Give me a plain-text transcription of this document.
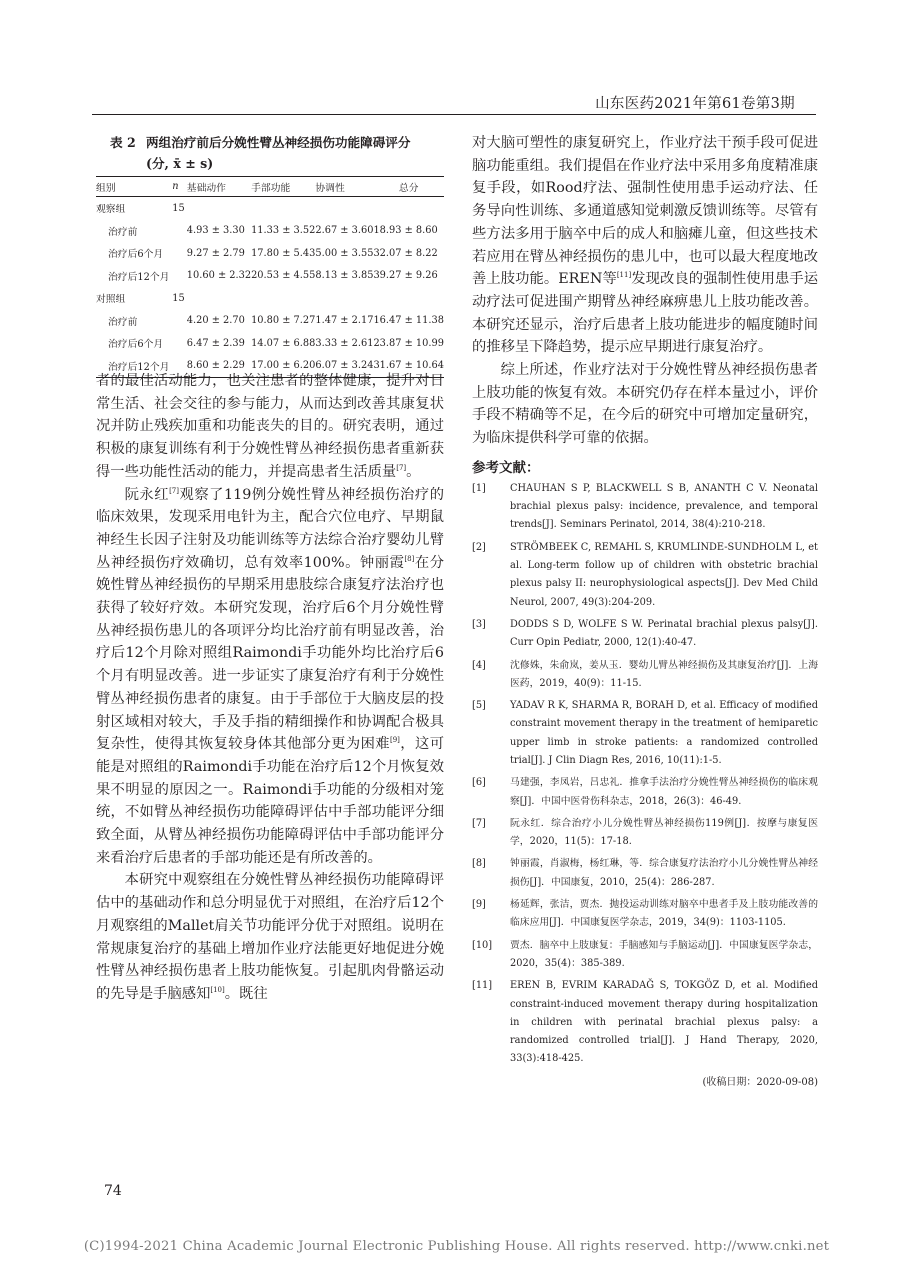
山东医药2021年第61卷第3期
表 2 两组治疗前后分娩性臂丛神经损伤功能障碍评分
(分, x̄ ± s)
组别	n	基础动作	手部功能	协调性	总分
观察组	15				
治疗前		4.93 ± 3.30	11.33 ± 3.52	2.67 ± 3.60	18.93 ± 8.60
治疗后6个月		9.27 ± 2.79	17.80 ± 5.43	5.00 ± 3.55	32.07 ± 8.22
治疗后12个月		10.60 ± 2.32	20.53 ± 4.55	8.13 ± 3.85	39.27 ± 9.26
对照组	15				
治疗前		4.20 ± 2.70	10.80 ± 7.27	1.47 ± 2.17	16.47 ± 11.38
治疗后6个月		6.47 ± 2.39	14.07 ± 6.88	3.33 ± 2.61	23.87 ± 10.99
治疗后12个月		8.60 ± 2.29	17.00 ± 6.20	6.07 ± 3.24	31.67 ± 10.64

者的最佳活动能力，也关注患者的整体健康，提升对日常生活、社会交往的参与能力，从而达到改善其康复状况并防止残疾加重和功能丧失的目的。研究表明，通过积极的康复训练有利于分娩性臂丛神经损伤患者重新获得一些功能性活动的能力，并提高患者生活质量[7]。

阮永红[7]观察了119例分娩性臂丛神经损伤治疗的临床效果，发现采用电针为主，配合穴位电疗、早期鼠神经生长因子注射及功能训练等方法综合治疗婴幼儿臂丛神经损伤疗效确切，总有效率100%。钟丽霞[8]在分娩性臂丛神经损伤的早期采用患肢综合康复疗法治疗也获得了较好疗效。本研究发现，治疗后6个月分娩性臂丛神经损伤患儿的各项评分均比治疗前有明显改善，治疗后12个月除对照组Raimondi手功能外均比治疗后6个月有明显改善。进一步证实了康复治疗有利于分娩性臂丛神经损伤患者的康复。由于手部位于大脑皮层的投射区域相对较大，手及手指的精细操作和协调配合极具复杂性，使得其恢复较身体其他部分更为困难[9]，这可能是对照组的Raimondi手功能在治疗后12个月恢复效果不明显的原因之一。Raimondi手功能的分级相对笼统，不如臂丛神经损伤功能障碍评估中手部功能评分细致全面，从臂丛神经损伤功能障碍评估中手部功能评分来看治疗后患者的手部功能还是有所改善的。

本研究中观察组在分娩性臂丛神经损伤功能障碍评估中的基础动作和总分明显优于对照组，在治疗后12个月观察组的Mallet肩关节功能评分优于对照组。说明在常规康复治疗的基础上增加作业疗法能更好地促进分娩性臂丛神经损伤患者上肢功能恢复。引起肌肉骨骼运动的先导是手脑感知[10]。既往

对大脑可塑性的康复研究上，作业疗法干预手段可促进脑功能重组。我们提倡在作业疗法中采用多角度精准康复手段，如Rood疗法、强制性使用患手运动疗法、任务导向性训练、多通道感知觉刺激反馈训练等。尽管有些方法多用于脑卒中后的成人和脑瘫儿童，但这些技术若应用在臂丛神经损伤的患儿中，也可以最大程度地改善上肢功能。EREN等[11]发现改良的强制性使用患手运动疗法可促进围产期臂丛神经麻痹患儿上肢功能改善。本研究还显示，治疗后患者上肢功能进步的幅度随时间的推移呈下降趋势，提示应早期进行康复治疗。

综上所述，作业疗法对于分娩性臂丛神经损伤患者上肢功能的恢复有效。本研究仍存在样本量过小，评价手段不精确等不足，在今后的研究中可增加定量研究，为临床提供科学可靠的依据。

参考文献：

[1]	CHAUHAN S P, BLACKWELL S B, ANANTH C V. Neonatal brachial plexus palsy: incidence, prevalence, and temporal trends[J]. Seminars Perinatol, 2014, 38(4):210-218.

[2]	STRÖMBEEK C, REMAHL S, KRUMLINDE-SUNDHOLM L, et al. Long-term follow up of children with obstetric brachial plexus palsy II: neurophysiological aspects[J]. Dev Med Child Neurol, 2007, 49(3):204-209.

[3]	DODDS S D, WOLFE S W. Perinatal brachial plexus palsy[J]. Curr Opin Pediatr, 2000, 12(1):40-47.

[4]	沈修姝，朱俞岚，姜从玉．婴幼儿臂丛神经损伤及其康复治疗[J]．上海医药，2019，40(9)：11-15.

[5]	YADAV R K, SHARMA R, BORAH D, et al. Efficacy of modified constraint movement therapy in the treatment of hemiparetic upper limb in stroke patients: a randomized controlled trial[J]. J Clin Diagn Res, 2016, 10(11):1-5.

[6]	马建强，李凤岩，吕忠礼．推拿手法治疗分娩性臂丛神经损伤的临床观察[J]．中国中医骨伤科杂志，2018，26(3)：46-49.

[7]	阮永红．综合治疗小儿分娩性臂丛神经损伤119例[J]．按摩与康复医学，2020，11(5)：17-18.

[8]	钟丽霞，肖淑梅，杨红琳，等．综合康复疗法治疗小儿分娩性臂丛神经损伤[J]．中国康复，2010，25(4)：286-287.

[9]	杨延辉，张洁，贾杰．抛投运动训练对脑卒中患者手及上肢功能改善的临床应用[J]．中国康复医学杂志，2019，34(9)：1103-1105.

[10]	贾杰．脑卒中上肢康复：手脑感知与手脑运动[J]．中国康复医学杂志，2020，35(4)：385-389.

[11]	EREN B, EVRIM KARADAĞ S, TOKGÖZ D, et al. Modified constraint-induced movement therapy during hospitalization in children with perinatal brachial plexus palsy: a randomized controlled trial[J]. J Hand Therapy, 2020, 33(3):418-425.

(收稿日期：2020-09-08)
74
(C)1994-2021 China Academic Journal Electronic Publishing House. All rights reserved. http://www.cnki.net
